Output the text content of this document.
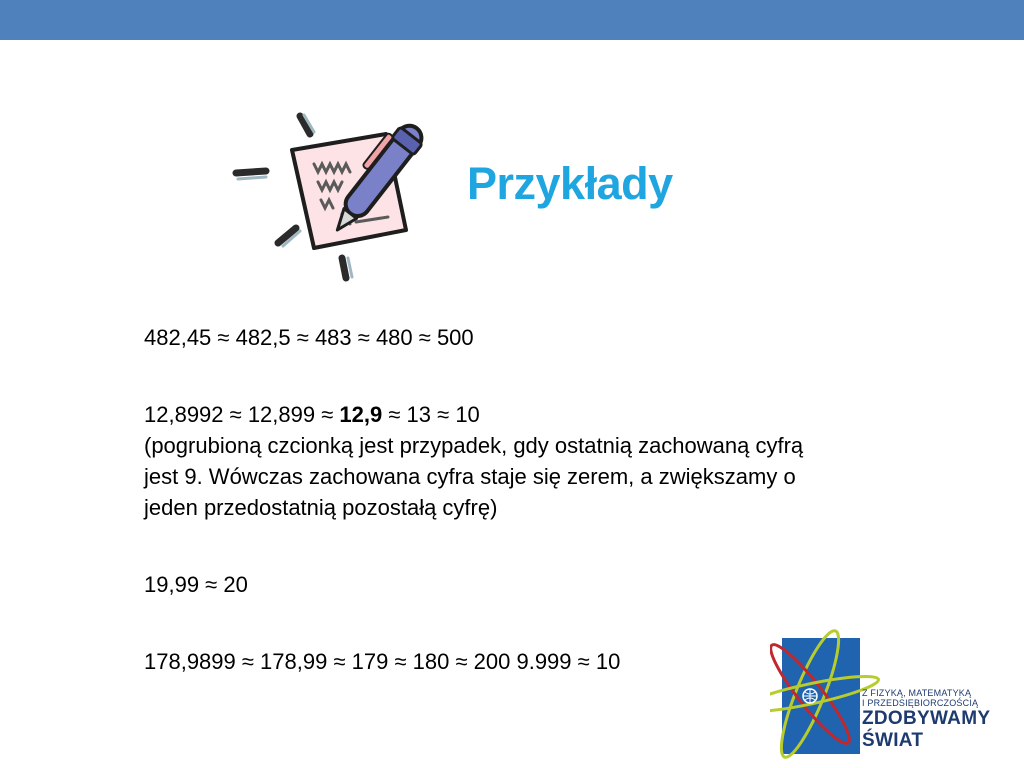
Przykłady

482,45 ≈ 482,5 ≈ 483 ≈ 480 ≈ 500

12,8992 ≈ 12,899 ≈ 12,9 ≈ 13 ≈ 10

(pogrubioną czcionką jest przypadek, gdy ostatnią zachowaną cyfrą

jest 9. Wówczas zachowana cyfra staje się zerem, a zwiększamy o

jeden przedostatnią pozostałą cyfrę)

19,99 ≈ 20

178,9899 ≈ 178,99 ≈ 179 ≈ 180 ≈ 200 9.999 ≈ 10

Z FIZYKĄ, MATEMATYKĄ
I PRZEDSIĘBIORCZOŚCIĄ
ZDOBYWAMY
ŚWIAT
